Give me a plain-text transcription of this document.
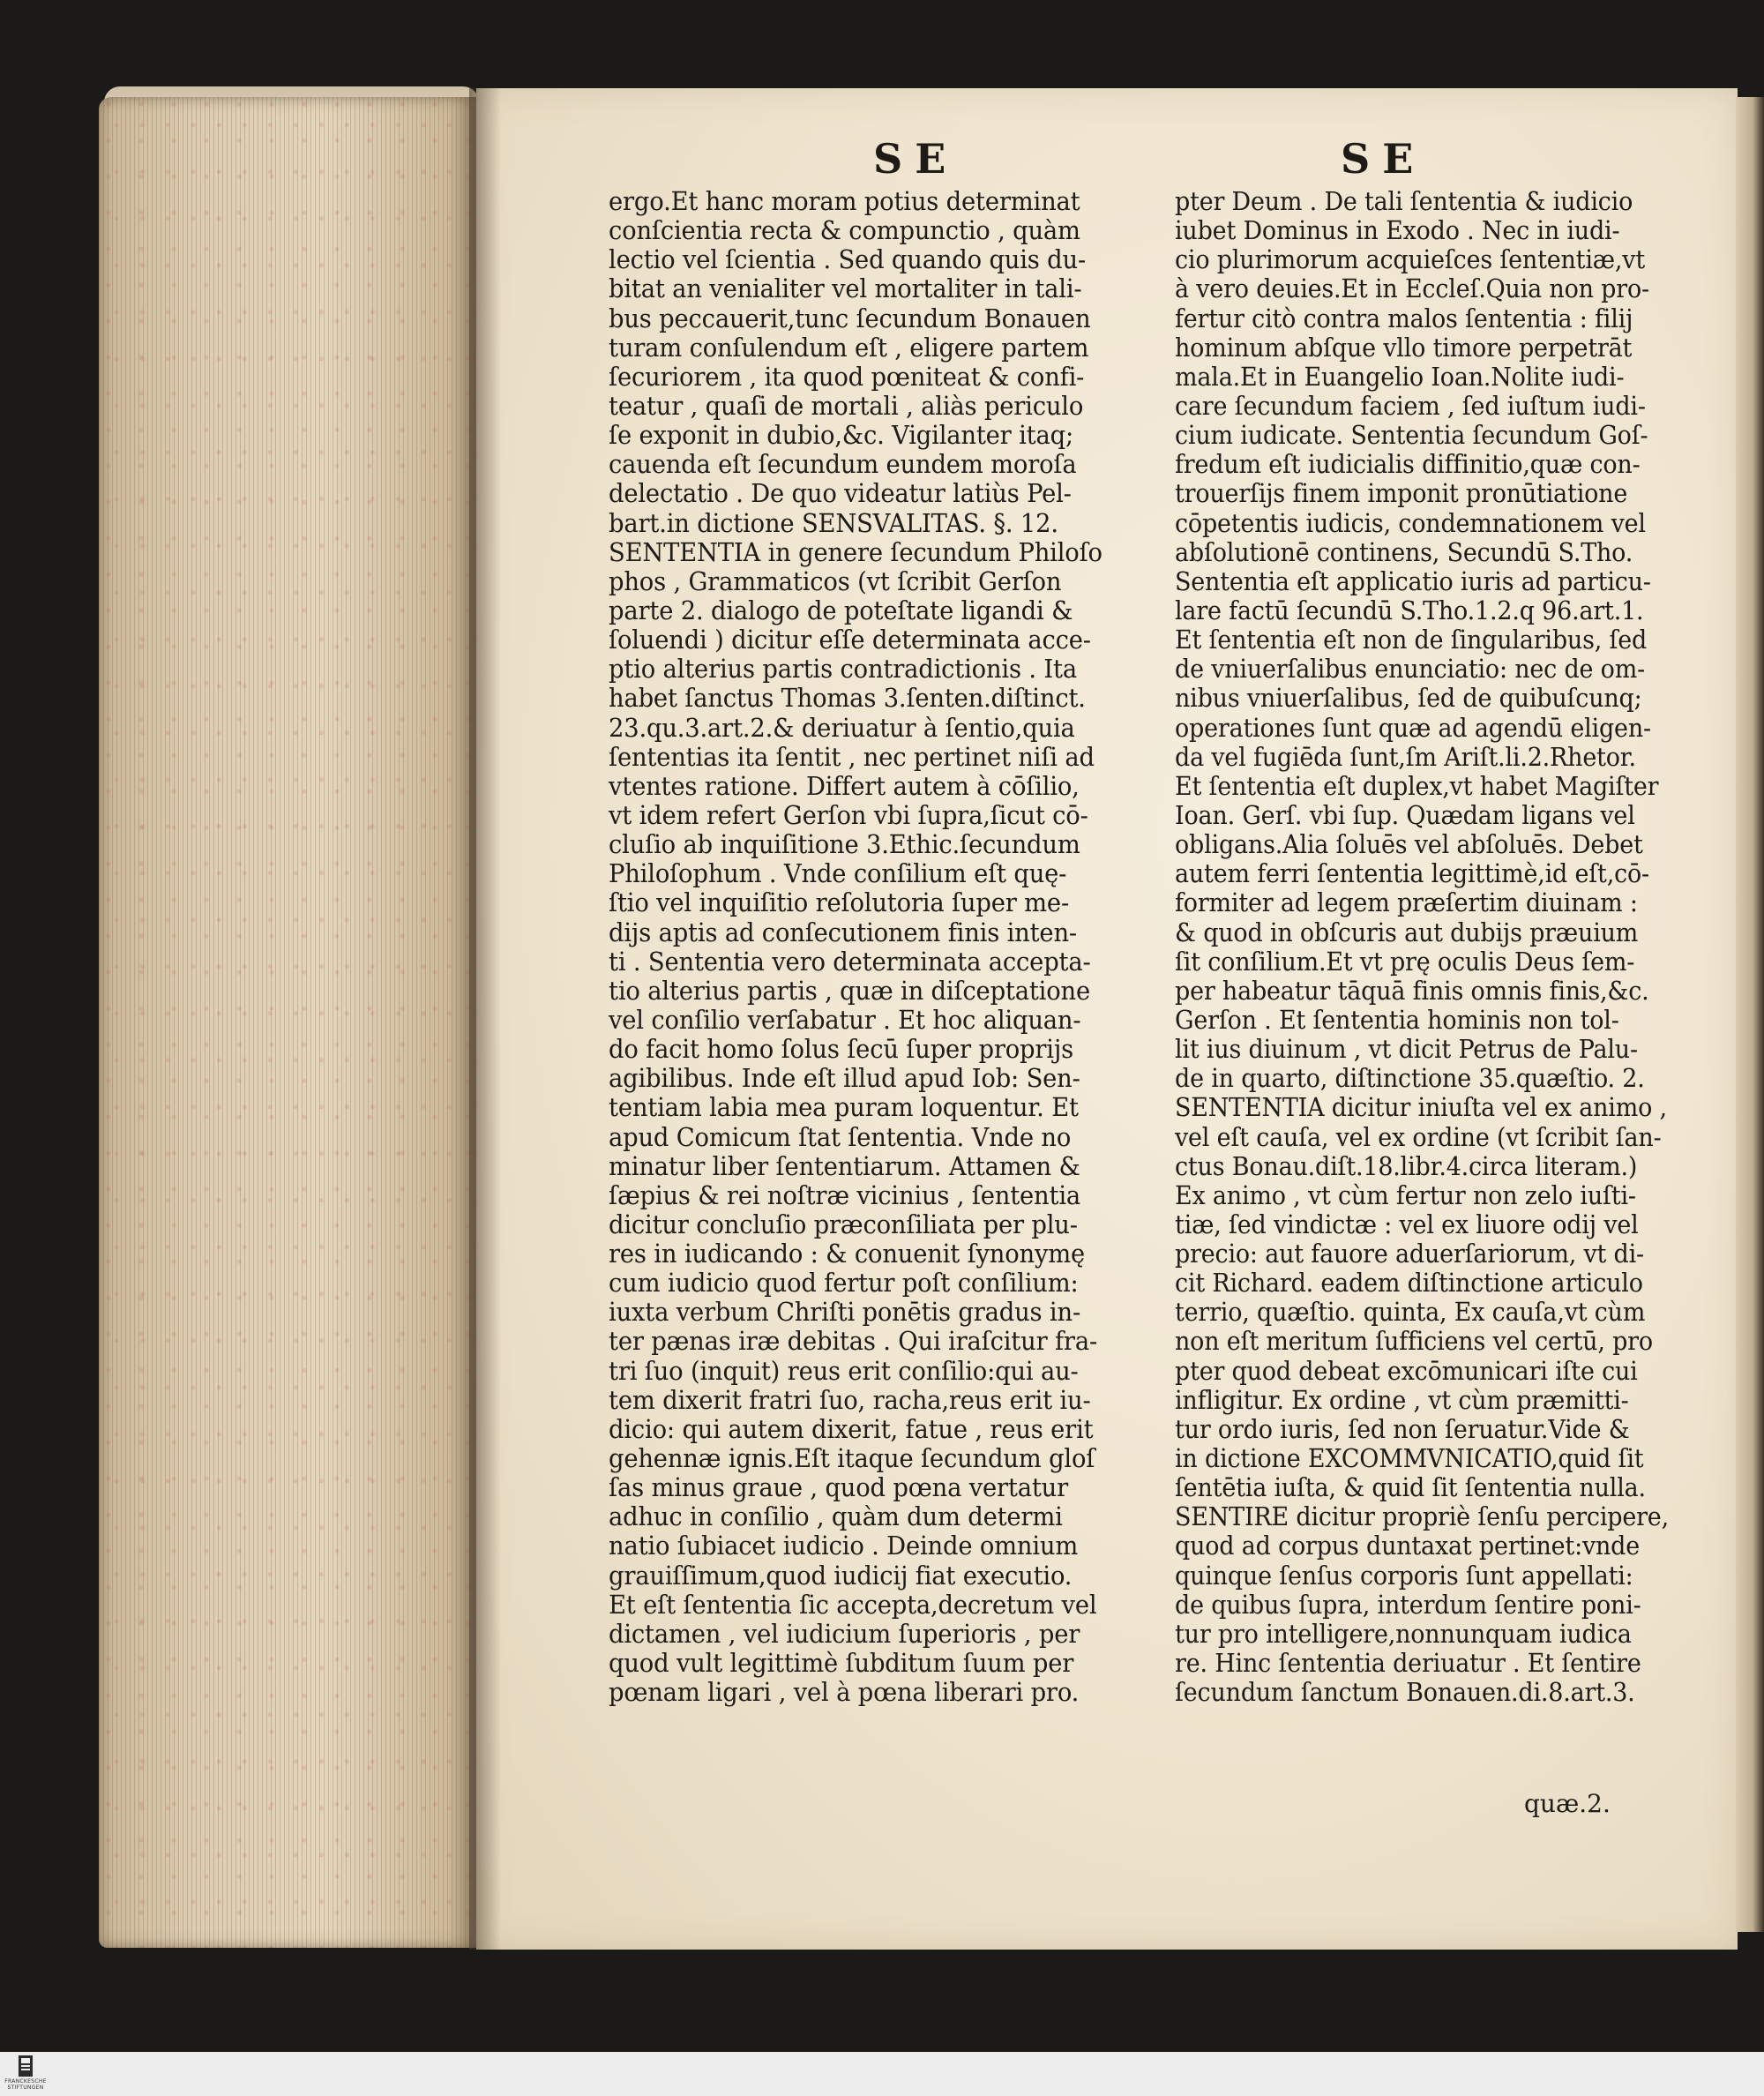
SE	SE
ergo.Et hanc moram potius determinat
conſcientia recta & compunctio , quàm
lectio vel ſcientia . Sed quando quis du-
bitat an venialiter vel mortaliter in tali-
bus peccauerit,tunc ſecundum Bonauen
turam conſulendum eſt , eligere partem
ſecuriorem , ita quod pœniteat & confi-
teatur , quaſi de mortali , aliàs periculo
ſe exponit in dubio,&c. Vigilanter itaq;
cauenda eſt ſecundum eundem moroſa
delectatio . De quo videatur latiùs Pel-
bart.in dictione SENSVALITAS. §. 12.
SENTENTIA in genere ſecundum Philoſo
phos , Grammaticos (vt ſcribit Gerſon
parte 2. dialogo de poteſtate ligandi &
ſoluendi ) dicitur eſſe determinata acce-
ptio alterius partis contradictionis . Ita
habet ſanctus Thomas 3.ſenten.diſtinct.
23.qu.3.art.2.& deriuatur à ſentio,quia
ſententias ita ſentit , nec pertinet niſi ad
vtentes ratione. Differt autem à cōſilio,
vt idem refert Gerſon vbi ſupra,ſicut cō-
cluſio ab inquiſitione 3.Ethic.ſecundum
Philoſophum . Vnde conſilium eſt quę-
ſtio vel inquiſitio reſolutoria ſuper me-
dijs aptis ad conſecutionem finis inten-
ti . Sententia vero determinata accepta-
tio alterius partis , quæ in diſceptatione
vel conſilio verſabatur . Et hoc aliquan-
do facit homo ſolus ſecū ſuper proprijs
agibilibus. Inde eſt illud apud Iob: Sen-
tentiam labia mea puram loquentur. Et
apud Comicum ſtat ſententia. Vnde no
minatur liber ſententiarum. Attamen &
ſæpius & rei noſtræ vicinius , ſententia
dicitur concluſio præconſiliata per plu-
res in iudicando : & conuenit ſynonymę
cum iudicio quod fertur poſt conſilium:
iuxta verbum Chriſti ponētis gradus in-
ter pænas iræ debitas . Qui iraſcitur fra-
tri ſuo (inquit) reus erit conſilio:qui au-
tem dixerit fratri ſuo, racha,reus erit iu-
dicio: qui autem dixerit, fatue , reus erit
gehennæ ignis.Eſt itaque ſecundum gloſ
ſas minus graue , quod pœna vertatur
adhuc in conſilio , quàm dum determi
natio ſubiacet iudicio . Deinde omnium
grauiſſimum,quod iudicij fiat executio.
Et eſt ſententia ſic accepta,decretum vel
dictamen , vel iudicium ſuperioris , per
quod vult legittimè ſubditum ſuum per
pœnam ligari , vel à pœna liberari pro.
pter Deum . De tali ſententia & iudicio
iubet Dominus in Exodo . Nec in iudi-
cio plurimorum acquieſces ſententiæ,vt
à vero deuies.Et in Eccleſ.Quia non pro-
fertur citò contra malos ſententia : filij
hominum abſque vllo timore perpetrāt
mala.Et in Euangelio Ioan.Nolite iudi-
care ſecundum faciem , ſed iuſtum iudi-
cium iudicate. Sententia ſecundum Goſ-
fredum eſt iudicialis diffinitio,quæ con-
trouerſijs finem imponit pronūtiatione
cōpetentis iudicis, condemnationem vel
abſolutionē continens, Secundū S.Tho.
Sententia eſt applicatio iuris ad particu-
lare factū ſecundū S.Tho.1.2.q 96.art.1.
Et ſententia eſt non de ſingularibus, ſed
de vniuerſalibus enunciatio: nec de om-
nibus vniuerſalibus, ſed de quibuſcunq;
operationes ſunt quæ ad agendū eligen-
da vel fugiēda ſunt,ſm Ariſt.li.2.Rhetor.
Et ſententia eſt duplex,vt habet Magiſter
Ioan. Gerſ. vbi ſup. Quædam ligans vel
obligans.Alia ſoluēs vel abſoluēs. Debet
autem ferri ſententia legittimè,id eſt,cō-
formiter ad legem præſertim diuinam :
& quod in obſcuris aut dubijs præuium
ſit conſilium.Et vt prę oculis Deus ſem-
per habeatur tāquā finis omnis finis,&c.
Gerſon . Et ſententia hominis non tol-
lit ius diuinum , vt dicit Petrus de Palu-
de in quarto, diſtinctione 35.quæſtio. 2.
SENTENTIA dicitur iniuſta vel ex animo ,
vel eſt cauſa, vel ex ordine (vt ſcribit ſan-
ctus Bonau.diſt.18.libr.4.circa literam.)
Ex animo , vt cùm fertur non zelo iuſti-
tiæ, ſed vindictæ : vel ex liuore odij vel
precio: aut fauore aduerſariorum, vt di-
cit Richard. eadem diſtinctione articulo
terrio, quæſtio. quinta, Ex cauſa,vt cùm
non eſt meritum ſufficiens vel certū, pro
pter quod debeat excōmunicari iſte cui
infligitur. Ex ordine , vt cùm præmitti-
tur ordo iuris, ſed non ſeruatur.Vide &
in dictione EXCOMMVNICATIO,quid ſit
ſentētia iuſta, & quid ſit ſententia nulla.
SENTIRE dicitur propriè ſenſu percipere,
quod ad corpus duntaxat pertinet:vnde
quinque ſenſus corporis ſunt appellati:
de quibus ſupra, interdum ſentire poni-
tur pro intelligere,nonnunquam iudica
re. Hinc ſententia deriuatur . Et ſentire
ſecundum ſanctum Bonauen.di.8.art.3.
quæ.2.
FRANCKESCHE STIFTUNGEN
